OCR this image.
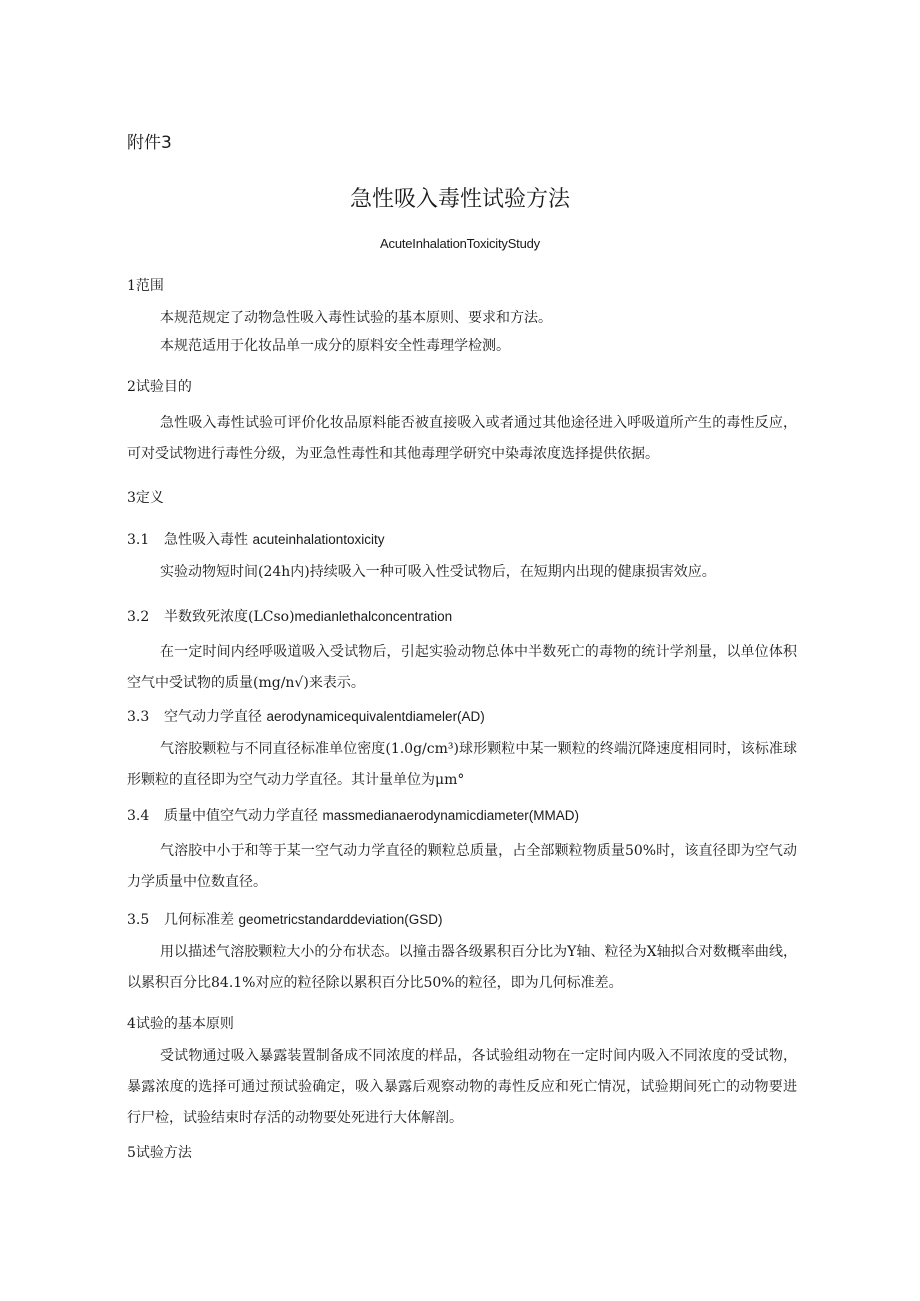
附件3
急性吸入毒性试验方法
AcuteInhalationToxicityStudy
1范围
本规范规定了动物急性吸入毒性试验的基本原则、要求和方法。
本规范适用于化妆品单一成分的原料安全性毒理学检测。
2试验目的
急性吸入毒性试验可评价化妆品原料能否被直接吸入或者通过其他途径进入呼吸道所产生的毒性反应，可对受试物进行毒性分级，为亚急性毒性和其他毒理学研究中染毒浓度选择提供依据。
3定义
3.1 急性吸入毒性 acuteinhalationtoxicity
实验动物短时间(24h内)持续吸入一种可吸入性受试物后，在短期内出现的健康损害效应。
3.2 半数致死浓度(LCso)medianlethalconcentration
在一定时间内经呼吸道吸入受试物后，引起实验动物总体中半数死亡的毒物的统计学剂量，以单位体积空气中受试物的质量(mg∕n√)来表示。
3.3 空气动力学直径 aerodynamicequivalentdiameler(AD)
气溶胶颗粒与不同直径标准单位密度(1.0g∕cm³)球形颗粒中某一颗粒的终端沉降速度相同时，该标准球形颗粒的直径即为空气动力学直径。其计量单位为μm°
3.4 质量中值空气动力学直径 massmedianaerodynamicdiameter(MMAD)
气溶胶中小于和等于某一空气动力学直径的颗粒总质量，占全部颗粒物质量50%时，该直径即为空气动力学质量中位数直径。
3.5 几何标准差 geometricstandarddeviation(GSD)
用以描述气溶胶颗粒大小的分布状态。以撞击器各级累积百分比为Y轴、粒径为X轴拟合对数概率曲线，以累积百分比84.1%对应的粒径除以累积百分比50%的粒径，即为几何标准差。
4试验的基本原则
受试物通过吸入暴露装置制备成不同浓度的样品，各试验组动物在一定时间内吸入不同浓度的受试物，暴露浓度的选择可通过预试验确定，吸入暴露后观察动物的毒性反应和死亡情况，试验期间死亡的动物要进行尸检，试验结束时存活的动物要处死进行大体解剖。
5试验方法
